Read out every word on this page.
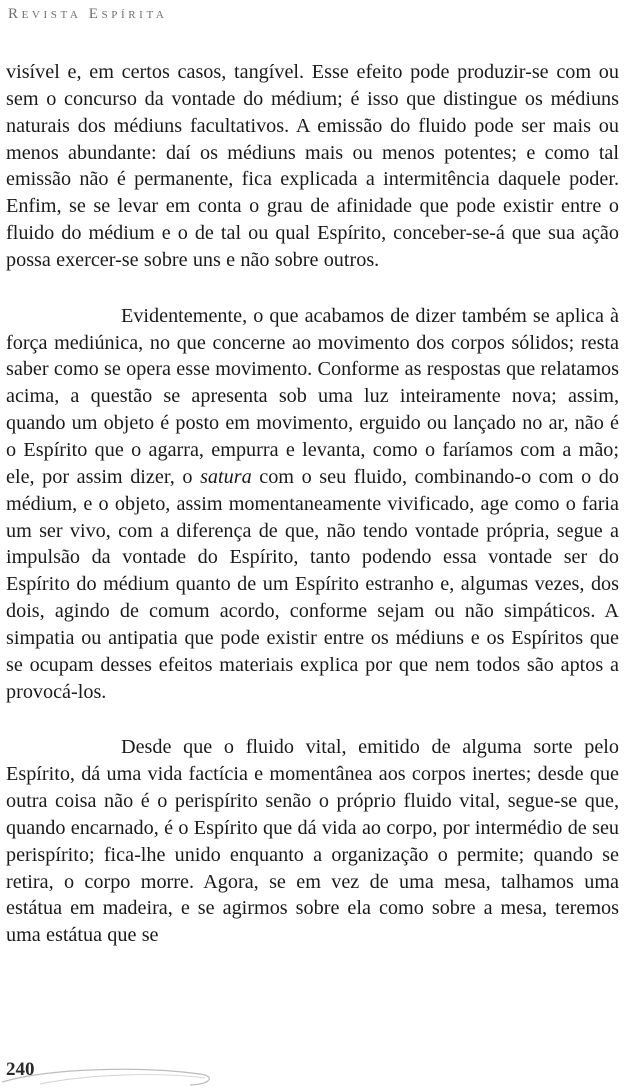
Revista Espírita

visível e, em certos casos, tangível. Esse efeito pode produzir-se com ou sem o concurso da vontade do médium; é isso que distingue os médiuns naturais dos médiuns facultativos. A emissão do fluido pode ser mais ou menos abundante: daí os médiuns mais ou menos potentes; e como tal emissão não é permanente, fica explicada a intermitência daquele poder. Enfim, se se levar em conta o grau de afinidade que pode existir entre o fluido do médium e o de tal ou qual Espírito, conceber-se-á que sua ação possa exercer-se sobre uns e não sobre outros.

Evidentemente, o que acabamos de dizer também se aplica à força mediúnica, no que concerne ao movimento dos corpos sólidos; resta saber como se opera esse movimento. Conforme as respostas que relatamos acima, a questão se apresenta sob uma luz inteiramente nova; assim, quando um objeto é posto em movimento, erguido ou lançado no ar, não é o Espírito que o agarra, empurra e levanta, como o faríamos com a mão; ele, por assim dizer, o satura com o seu fluido, combinando-o com o do médium, e o objeto, assim momentaneamente vivificado, age como o faria um ser vivo, com a diferença de que, não tendo vontade própria, segue a impulsão da vontade do Espírito, tanto podendo essa vontade ser do Espírito do médium quanto de um Espírito estranho e, algumas vezes, dos dois, agindo de comum acordo, conforme sejam ou não simpáticos. A simpatia ou antipatia que pode existir entre os médiuns e os Espíritos que se ocupam desses efeitos materiais explica por que nem todos são aptos a provocá-los.

Desde que o fluido vital, emitido de alguma sorte pelo Espírito, dá uma vida factícia e momentânea aos corpos inertes; desde que outra coisa não é o perispírito senão o próprio fluido vital, segue-se que, quando encarnado, é o Espírito que dá vida ao corpo, por intermédio de seu perispírito; fica-lhe unido enquanto a organização o permite; quando se retira, o corpo morre. Agora, se em vez de uma mesa, talhamos uma estátua em madeira, e se agirmos sobre ela como sobre a mesa, teremos uma estátua que se

240
